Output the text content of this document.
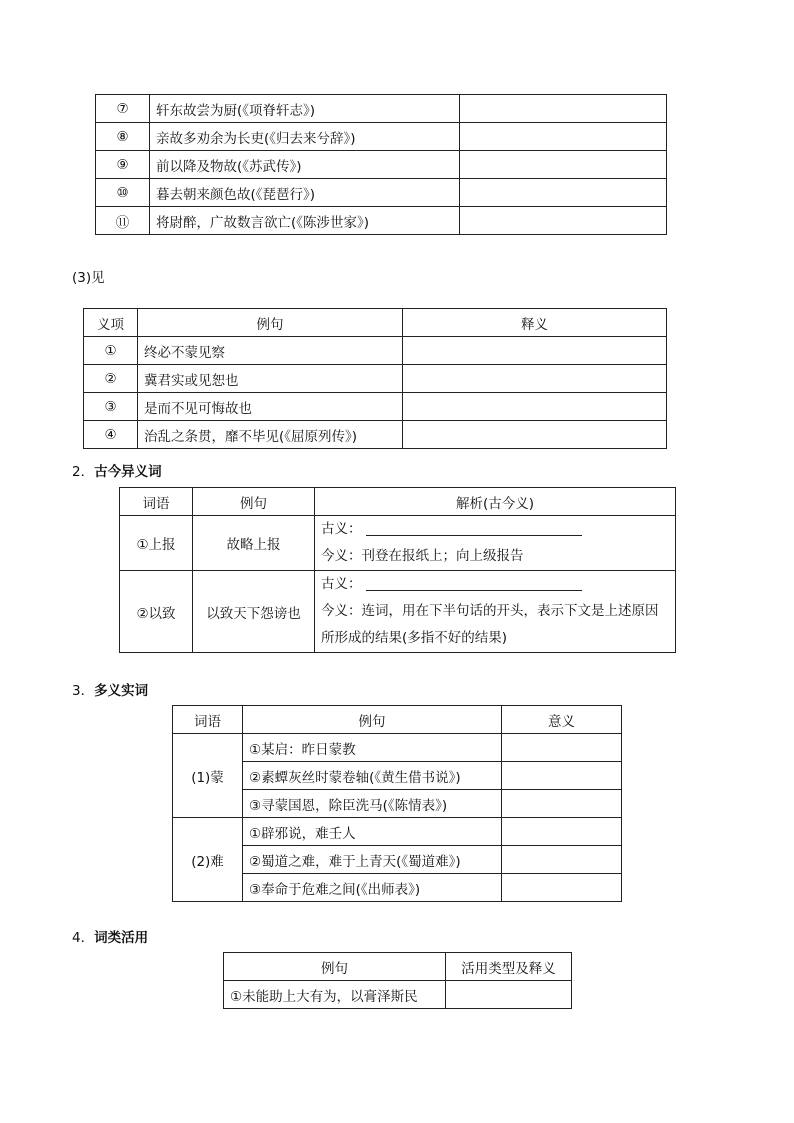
⑦	轩东故尝为厨(《项脊轩志》)	
⑧	亲故多劝余为长吏(《归去来兮辞》)	
⑨	前以降及物故(《苏武传》)	
⑩	暮去朝来颜色故(《琵琶行》)	
⑪	将尉醉，广故数言欲亡(《陈涉世家》)	
(3)见
义项	例句	释义
①	终必不蒙见察	
②	冀君实或见恕也	
③	是而不见可悔故也	
④	治乱之条贯，靡不毕见(《屈原列传》)	
2．古今异义词
词语	例句	解析(古今义)
①上报	故略上报	古义：
今义：刊登在报纸上；向上级报告

②以致	以致天下怨谤也	古义：
今义：连词，用在下半句话的开头，表示下文是上述原因所形成的结果(多指不好的结果)
3．多义实词
词语	例句	意义
(1)蒙	①某启：昨日蒙教	
	②素蟫灰丝时蒙卷轴(《黄生借书说》)	
	③寻蒙国恩，除臣洗马(《陈情表》)	
(2)难	①辟邪说，难壬人	
	②蜀道之难，难于上青天(《蜀道难》)	
	③奉命于危难之间(《出师表》)	
4．词类活用
例句	活用类型及释义
①未能助上大有为，以膏泽斯民	
